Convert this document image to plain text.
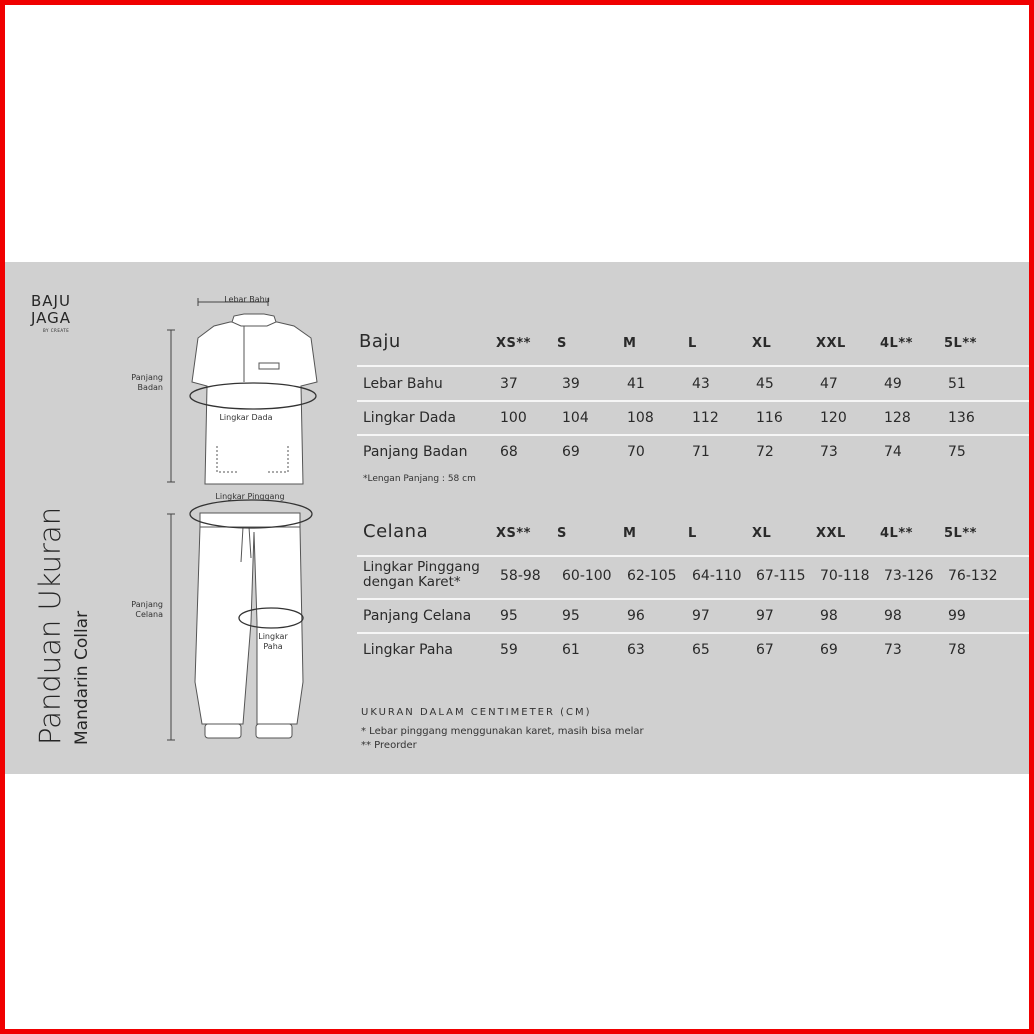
BAJU
JAGA
BY CREATE
Panduan Ukuran Mandarin Collar
Lebar Bahu
Panjang
Badan
Lingkar Dada
Lingkar Pinggang
Panjang
Celana
Lingkar
Paha
Baju	XS** S	M	L	XL	XXL	4L** 5L**
Lebar Bahu	37	39	41	43	45	47	49	51
Lingkar Dada	100	104	108	112	116	120	128	136
Panjang Badan 68	69	70	71	72	73	74	75
*Lengan Panjang : 58 cm
Celana	XS** S	M	L	XL	XXL	4L** 5L**
Lingkar Pinggang
dengan Karet*	58-98 60-100 62-105 64-110 67-115 70-118 73-126 76-132
Panjang Celana 95	95	96	97	97	98	98	99
Lingkar Paha	59	61	63	65	67	69	73	78
UKURAN DALAM CENTIMETER (CM)
* Lebar pinggang menggunakan karet, masih bisa melar
** Preorder
